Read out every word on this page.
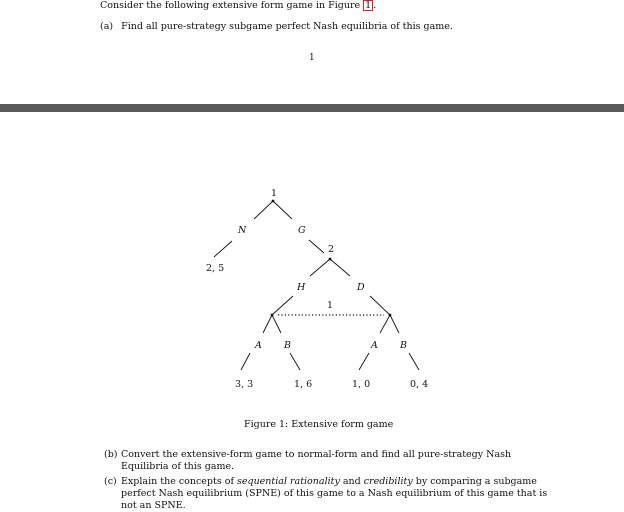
Consider the following extensive form game in Figure 1 .
(a) Find all pure-strategy subgame perfect Nash equilibria of this game.
1
1
N	G
2, 5
2
H	D
1
A B	A B
3, 3	1, 6	1, 0	0, 4
Figure 1: Extensive form game
(b) Convert the extensive-form game to normal-form and find all pure-strategy Nash Equilibria of this game.
(c) Explain the concepts of sequential rationality and credibility by comparing a subgame perfect Nash equilibrium (SPNE) of this game to a Nash equilibrium of this game that is not an SPNE.
